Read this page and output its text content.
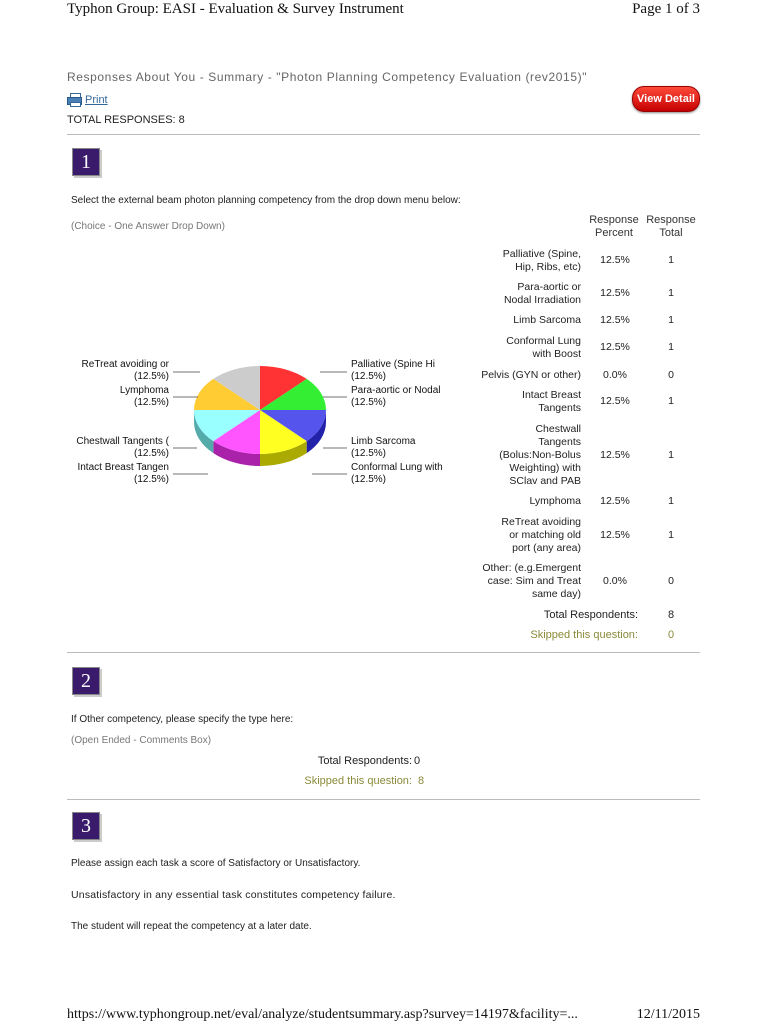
Typhon Group: EASI - Evaluation & Survey Instrument	Page 1 of 3
Responses About You - Summary - "Photon Planning Competency Evaluation (rev2015)"
Print	View Detail
TOTAL RESPONSES: 8
1
Select the external beam photon planning competency from the drop down menu below:
(Choice - One Answer Drop Down)
Response
Percent
Response
Total
Palliative (Spine,
Hip, Ribs, etc)
12.5%	1
Para-aortic or
Nodal Irradiation
12.5%	1
Limb Sarcoma	12.5%	1
Conformal Lung
with Boost
12.5%	1
Pelvis (GYN or other)	0.0%	0
Intact Breast
Tangents
12.5%	1
Chestwall
Tangents
(Bolus:Non-Bolus
Weighting) with
SClav and PAB
12.5%	1
Lymphoma	12.5%	1
ReTreat avoiding
or matching old
port (any area)
12.5%	1
Other: (e.g.Emergent
case: Sim and Treat
same day)
0.0%	0
Total Respondents:	8
Skipped this question:	0
Palliative (Spine Hi
(12.5%)
Para-aortic or Nodal
(12.5%)
Limb Sarcoma
(12.5%)
Conformal Lung with
(12.5%)
Intact Breast Tangen
(12.5%)
Chestwall Tangents (
(12.5%)
Lymphoma
(12.5%)
ReTreat avoiding or
(12.5%)
2
If Other competency, please specify the type here:
(Open Ended - Comments Box)
Total Respondents: 0
Skipped this question: 8
3
Please assign each task a score of Satisfactory or Unsatisfactory.
Unsatisfactory in any essential task constitutes competency failure.
The student will repeat the competency at a later date.
https://www.typhongroup.net/eval/analyze/studentsummary.asp?survey=14197&facility=...	12/11/2015
